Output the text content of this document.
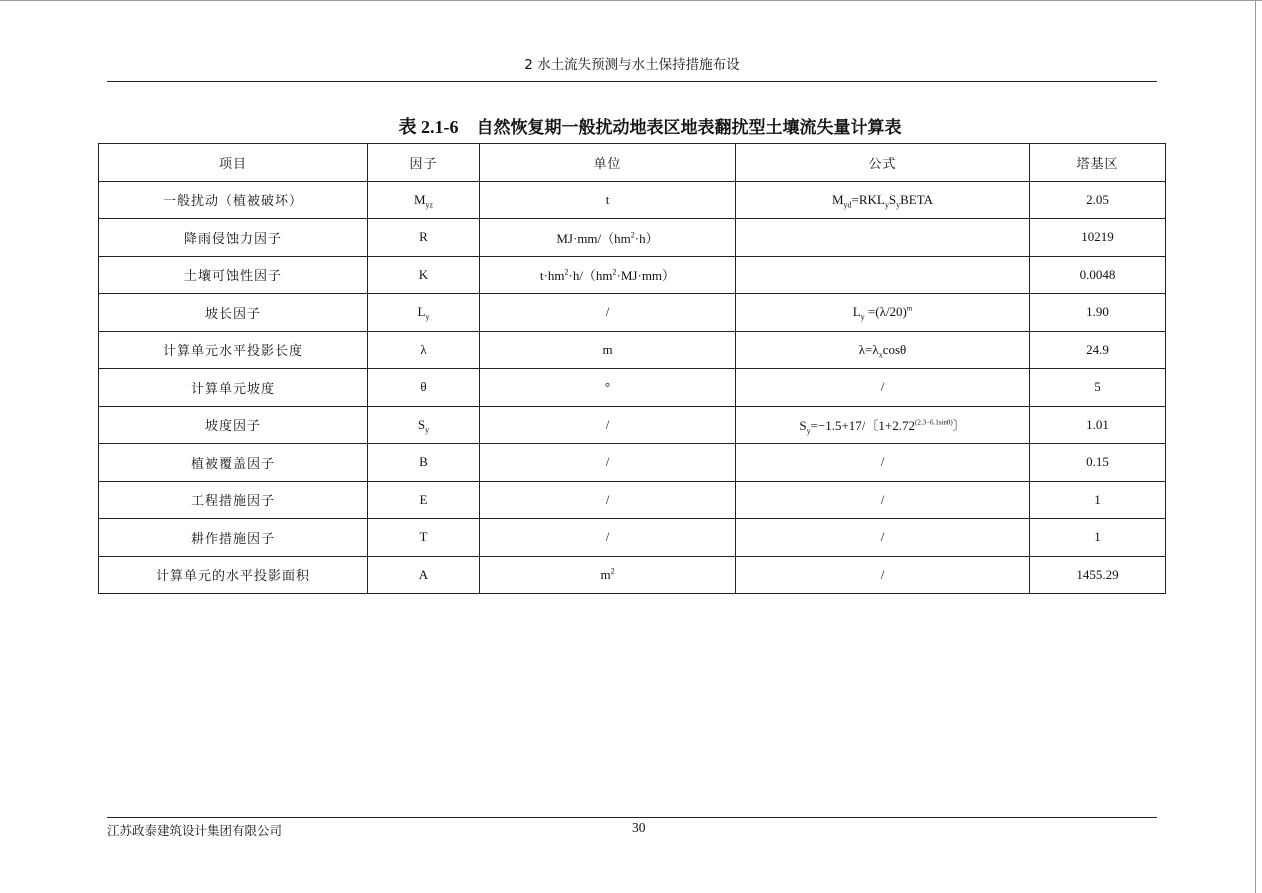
2 水土流失预测与水土保持措施布设
表 2.1-6 自然恢复期一般扰动地表区地表翻扰型土壤流失量计算表
项目	因子	单位	公式	塔基区
一般扰动（植被破坏）	$M_{yz}$	t	$M_{yd}=RKL_yS_yBETA$	2.05
降雨侵蚀力因子	R	$MJ\cdot mm/(hm^2\cdot h)$		10219
土壤可蚀性因子	K	$t\cdot hm^2\cdot h/(hm^2\cdot MJ\cdot mm)$		0.0048
坡长因子	$L_y$	/	$L_y =(\lambda/20)^m$	1.90
计算单元水平投影长度	λ	m	$\lambda=\lambda_x\cos\theta$	24.9
计算单元坡度	θ	°	/	5
坡度因子	$S_y$	/	$S_y=-1.5+17/$〔$1+2.72^{(2.3-6.1sin\theta)}$〕	1.01
植被覆盖因子	B	/	/	0.15
工程措施因子	E	/	/	1
耕作措施因子	T	/	/	1
计算单元的水平投影面积	A	$m^2$	/	1455.29
江苏政泰建筑设计集团有限公司	30
